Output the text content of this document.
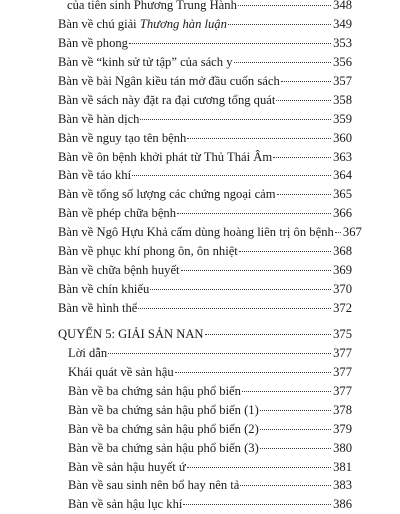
của tiên sinh Phương Trung Hành	348
Bàn về chú giải Thương hàn luận	349
Bàn về phong	353
Bàn về “kinh sử tử tập” của sách y	356
Bàn về bài Ngân kiều tán mở đầu cuốn sách	357
Bàn về sách này đặt ra đại cương tổng quát	358
Bàn về hàn dịch	359
Bàn về nguy tạo tên bệnh	360
Bàn về ôn bệnh khởi phát từ Thủ Thái Âm	363
Bàn về táo khí	364
Bàn về tổng số lượng các chứng ngoại cảm	365
Bàn về phép chữa bệnh	366
Bàn về Ngô Hựu Khả cấm dùng hoàng liên trị ôn bệnh 367
Bàn về phục khí phong ôn, ôn nhiệt	368
Bàn về chữa bệnh huyết	369
Bàn về chín khiếu	370
Bàn về hình thể	372
QUYỂN 5: GIẢI SẢN NAN	375
Lời dẫn	377
Khái quát về sản hậu	377
Bàn về ba chứng sản hậu phổ biến	377
Bàn về ba chứng sản hậu phổ biến (1)	378
Bàn về ba chứng sản hậu phổ biến (2)	379
Bàn về ba chứng sản hậu phổ biến (3)	380
Bàn về sản hậu huyết ứ	381
Bàn về sau sinh nên bổ hay nên tả	383
Bàn về sản hậu lục khí	386
